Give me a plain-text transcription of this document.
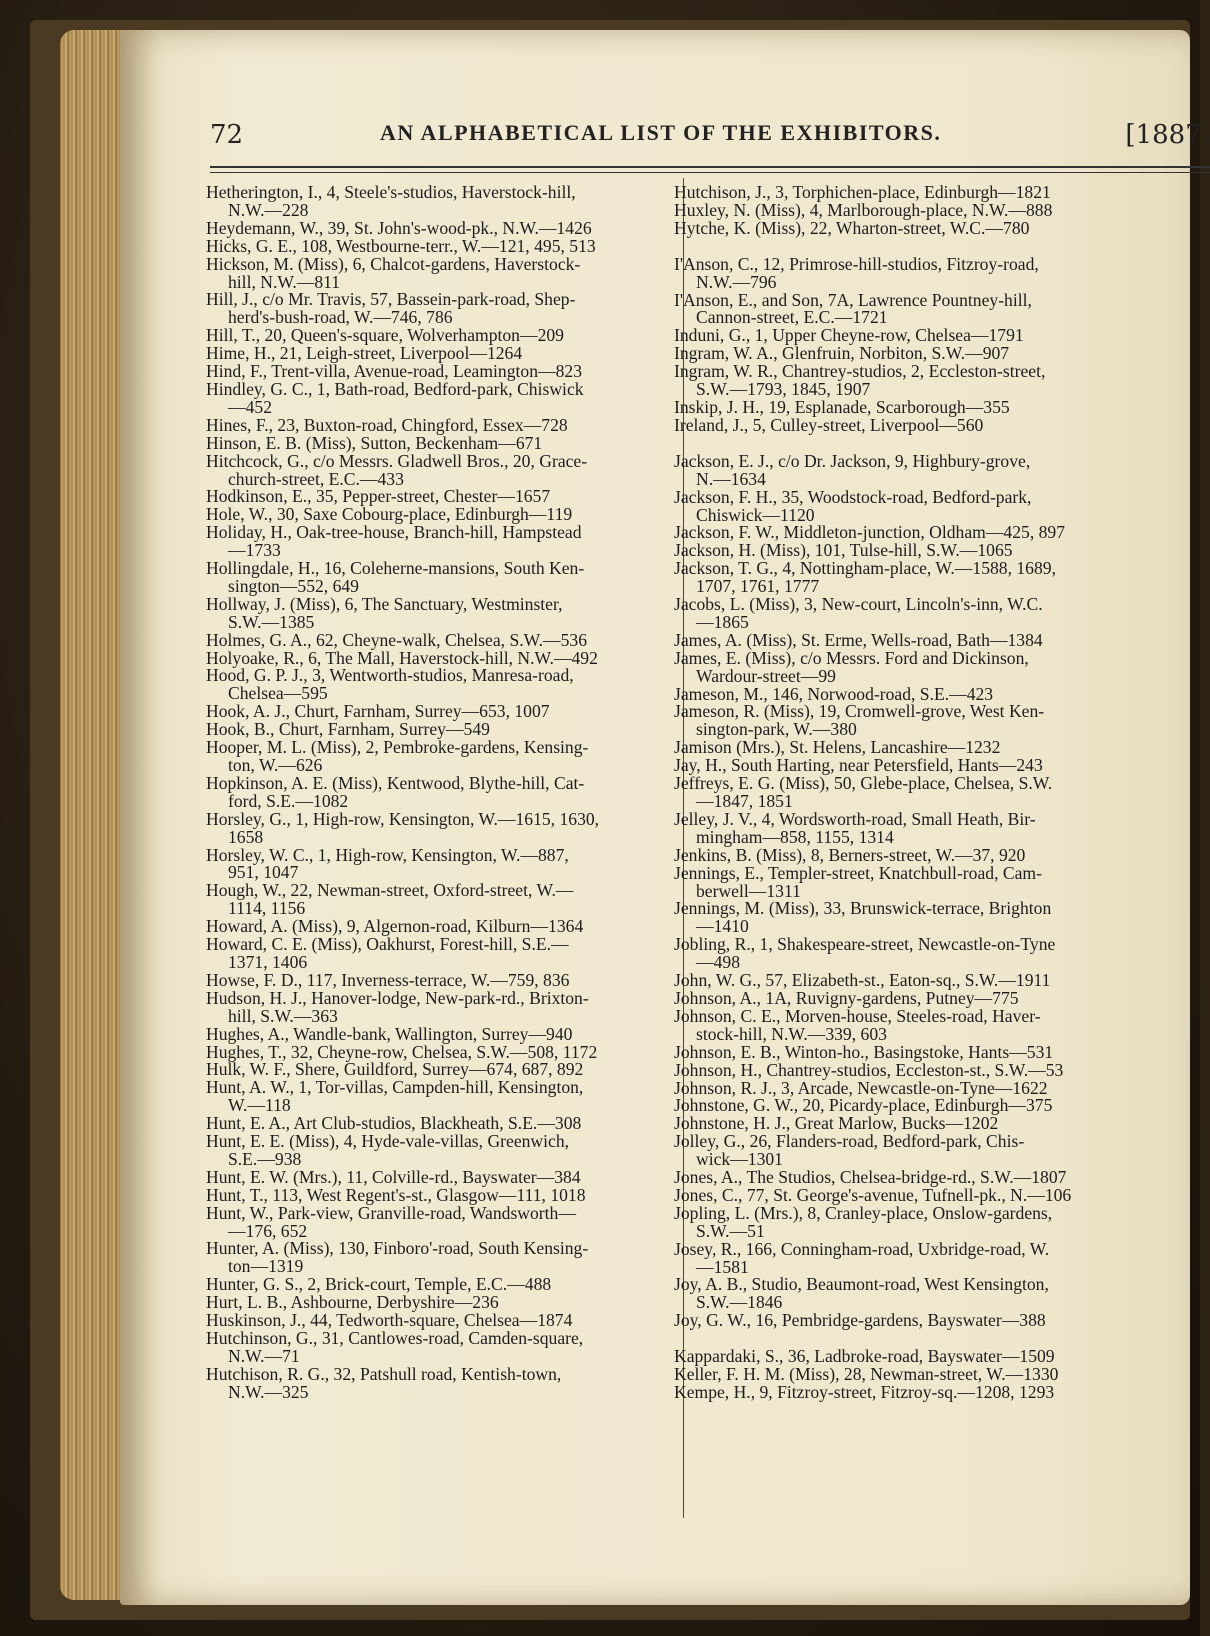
72	AN ALPHABETICAL LIST OF THE EXHIBITORS.	[1887.
Hetherington, I., 4, Steele's-studios, Haverstock-hill,
N.W.—228
Heydemann, W., 39, St. John's-wood-pk., N.W.—1426
Hicks, G. E., 108, Westbourne-terr., W.—121, 495, 513
Hickson, M. (Miss), 6, Chalcot-gardens, Haverstock-
hill, N.W.—811
Hill, J., c/o Mr. Travis, 57, Bassein-park-road, Shep-
herd's-bush-road, W.—746, 786
Hill, T., 20, Queen's-square, Wolverhampton—209
Hime, H., 21, Leigh-street, Liverpool—1264
Hind, F., Trent-villa, Avenue-road, Leamington—823
Hindley, G. C., 1, Bath-road, Bedford-park, Chiswick
—452
Hines, F., 23, Buxton-road, Chingford, Essex—728
Hinson, E. B. (Miss), Sutton, Beckenham—671
Hitchcock, G., c/o Messrs. Gladwell Bros., 20, Grace-
church-street, E.C.—433
Hodkinson, E., 35, Pepper-street, Chester—1657
Hole, W., 30, Saxe Cobourg-place, Edinburgh—119
Holiday, H., Oak-tree-house, Branch-hill, Hampstead
—1733
Hollingdale, H., 16, Coleherne-mansions, South Ken-
sington—552, 649
Hollway, J. (Miss), 6, The Sanctuary, Westminster,
S.W.—1385
Holmes, G. A., 62, Cheyne-walk, Chelsea, S.W.—536
Holyoake, R., 6, The Mall, Haverstock-hill, N.W.—492
Hood, G. P. J., 3, Wentworth-studios, Manresa-road,
Chelsea—595
Hook, A. J., Churt, Farnham, Surrey—653, 1007
Hook, B., Churt, Farnham, Surrey—549
Hooper, M. L. (Miss), 2, Pembroke-gardens, Kensing-
ton, W.—626
Hopkinson, A. E. (Miss), Kentwood, Blythe-hill, Cat-
ford, S.E.—1082
Horsley, G., 1, High-row, Kensington, W.—1615, 1630,
1658
Horsley, W. C., 1, High-row, Kensington, W.—887,
951, 1047
Hough, W., 22, Newman-street, Oxford-street, W.—
1114, 1156
Howard, A. (Miss), 9, Algernon-road, Kilburn—1364
Howard, C. E. (Miss), Oakhurst, Forest-hill, S.E.—
1371, 1406
Howse, F. D., 117, Inverness-terrace, W.—759, 836
Hudson, H. J., Hanover-lodge, New-park-rd., Brixton-
hill, S.W.—363
Hughes, A., Wandle-bank, Wallington, Surrey—940
Hughes, T., 32, Cheyne-row, Chelsea, S.W.—508, 1172
Hulk, W. F., Shere, Guildford, Surrey—674, 687, 892
Hunt, A. W., 1, Tor-villas, Campden-hill, Kensington,
W.—118
Hunt, E. A., Art Club-studios, Blackheath, S.E.—308
Hunt, E. E. (Miss), 4, Hyde-vale-villas, Greenwich,
S.E.—938
Hunt, E. W. (Mrs.), 11, Colville-rd., Bayswater—384
Hunt, T., 113, West Regent's-st., Glasgow—111, 1018
Hunt, W., Park-view, Granville-road, Wandsworth—
—176, 652
Hunter, A. (Miss), 130, Finboro'-road, South Kensing-
ton—1319
Hunter, G. S., 2, Brick-court, Temple, E.C.—488
Hurt, L. B., Ashbourne, Derbyshire—236
Huskinson, J., 44, Tedworth-square, Chelsea—1874
Hutchinson, G., 31, Cantlowes-road, Camden-square,
N.W.—71
Hutchison, R. G., 32, Patshull road, Kentish-town,
N.W.—325
Hutchison, J., 3, Torphichen-place, Edinburgh—1821
Huxley, N. (Miss), 4, Marlborough-place, N.W.—888
Hytche, K. (Miss), 22, Wharton-street, W.C.—780
I'Anson, C., 12, Primrose-hill-studios, Fitzroy-road,
N.W.—796
I'Anson, E., and Son, 7A, Lawrence Pountney-hill,
Cannon-street, E.C.—1721
Induni, G., 1, Upper Cheyne-row, Chelsea—1791
Ingram, W. A., Glenfruin, Norbiton, S.W.—907
Ingram, W. R., Chantrey-studios, 2, Eccleston-street,
S.W.—1793, 1845, 1907
Inskip, J. H., 19, Esplanade, Scarborough—355
Ireland, J., 5, Culley-street, Liverpool—560
Jackson, E. J., c/o Dr. Jackson, 9, Highbury-grove,
N.—1634
Jackson, F. H., 35, Woodstock-road, Bedford-park,
Chiswick—1120
Jackson, F. W., Middleton-junction, Oldham—425, 897
Jackson, H. (Miss), 101, Tulse-hill, S.W.—1065
Jackson, T. G., 4, Nottingham-place, W.—1588, 1689,
1707, 1761, 1777
Jacobs, L. (Miss), 3, New-court, Lincoln's-inn, W.C.
—1865
James, A. (Miss), St. Erme, Wells-road, Bath—1384
James, E. (Miss), c/o Messrs. Ford and Dickinson,
Wardour-street—99
Jameson, M., 146, Norwood-road, S.E.—423
Jameson, R. (Miss), 19, Cromwell-grove, West Ken-
sington-park, W.—380
Jamison (Mrs.), St. Helens, Lancashire—1232
Jay, H., South Harting, near Petersfield, Hants—243
Jeffreys, E. G. (Miss), 50, Glebe-place, Chelsea, S.W.
—1847, 1851
Jelley, J. V., 4, Wordsworth-road, Small Heath, Bir-
mingham—858, 1155, 1314
Jenkins, B. (Miss), 8, Berners-street, W.—37, 920
Jennings, E., Templer-street, Knatchbull-road, Cam-
berwell—1311
Jennings, M. (Miss), 33, Brunswick-terrace, Brighton
—1410
Jobling, R., 1, Shakespeare-street, Newcastle-on-Tyne
—498
John, W. G., 57, Elizabeth-st., Eaton-sq., S.W.—1911
Johnson, A., 1A, Ruvigny-gardens, Putney—775
Johnson, C. E., Morven-house, Steeles-road, Haver-
stock-hill, N.W.—339, 603
Johnson, E. B., Winton-ho., Basingstoke, Hants—531
Johnson, H., Chantrey-studios, Eccleston-st., S.W.—53
Johnson, R. J., 3, Arcade, Newcastle-on-Tyne—1622
Johnstone, G. W., 20, Picardy-place, Edinburgh—375
Johnstone, H. J., Great Marlow, Bucks—1202
Jolley, G., 26, Flanders-road, Bedford-park, Chis-
wick—1301
Jones, A., The Studios, Chelsea-bridge-rd., S.W.—1807
Jones, C., 77, St. George's-avenue, Tufnell-pk., N.—106
Jopling, L. (Mrs.), 8, Cranley-place, Onslow-gardens,
S.W.—51
Josey, R., 166, Conningham-road, Uxbridge-road, W.
—1581
Joy, A. B., Studio, Beaumont-road, West Kensington,
S.W.—1846
Joy, G. W., 16, Pembridge-gardens, Bayswater—388
Kappardaki, S., 36, Ladbroke-road, Bayswater—1509
Keller, F. H. M. (Miss), 28, Newman-street, W.—1330
Kempe, H., 9, Fitzroy-street, Fitzroy-sq.—1208, 1293
